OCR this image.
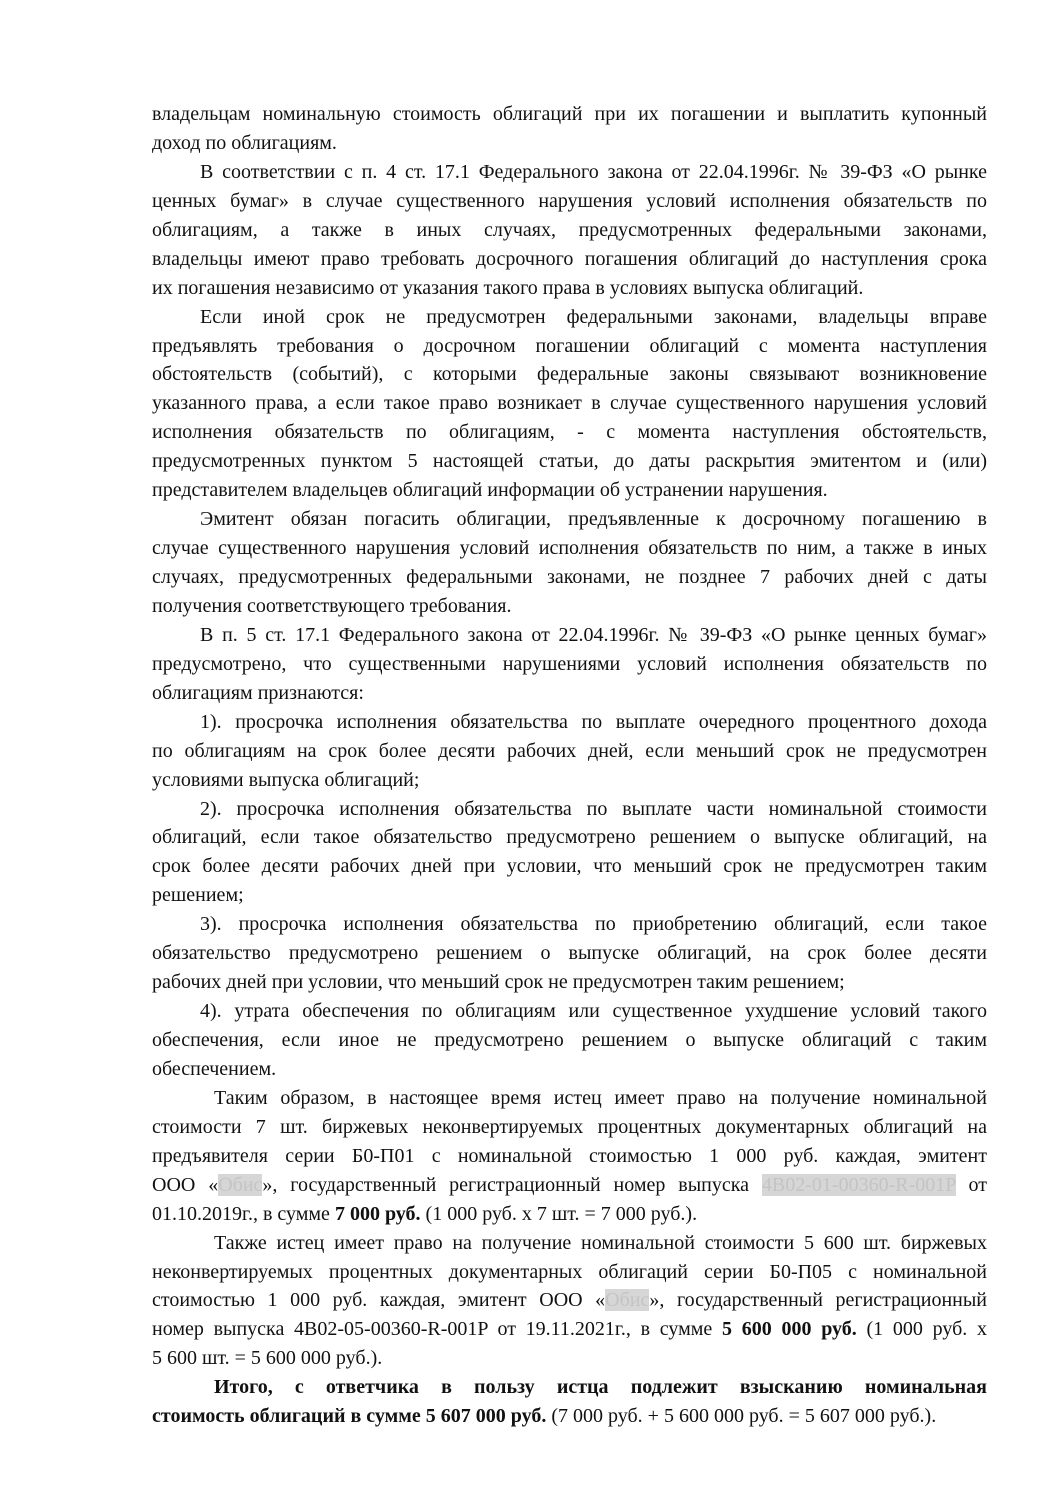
владельцам номинальную стоимость облигаций при их погашении и выплатить купонный
доход по облигациям.
В соответствии с п. 4 ст. 17.1 Федерального закона от 22.04.1996г. № 39-ФЗ «О рынке
ценных бумаг» в случае существенного нарушения условий исполнения обязательств по
облигациям, а также в иных случаях, предусмотренных федеральными законами,
владельцы имеют право требовать досрочного погашения облигаций до наступления срока
их погашения независимо от указания такого права в условиях выпуска облигаций.
Если иной срок не предусмотрен федеральными законами, владельцы вправе
предъявлять требования о досрочном погашении облигаций с момента наступления
обстоятельств (событий), с которыми федеральные законы связывают возникновение
указанного права, а если такое право возникает в случае существенного нарушения условий
исполнения обязательств по облигациям, - с момента наступления обстоятельств,
предусмотренных пунктом 5 настоящей статьи, до даты раскрытия эмитентом и (или)
представителем владельцев облигаций информации об устранении нарушения.
Эмитент обязан погасить облигации, предъявленные к досрочному погашению в
случае существенного нарушения условий исполнения обязательств по ним, а также в иных
случаях, предусмотренных федеральными законами, не позднее 7 рабочих дней с даты
получения соответствующего требования.
В п. 5 ст. 17.1 Федерального закона от 22.04.1996г. № 39-ФЗ «О рынке ценных бумаг»
предусмотрено, что существенными нарушениями условий исполнения обязательств по
облигациям признаются:
1). просрочка исполнения обязательства по выплате очередного процентного дохода
по облигациям на срок более десяти рабочих дней, если меньший срок не предусмотрен
условиями выпуска облигаций;
2). просрочка исполнения обязательства по выплате части номинальной стоимости
облигаций, если такое обязательство предусмотрено решением о выпуске облигаций, на
срок более десяти рабочих дней при условии, что меньший срок не предусмотрен таким
решением;
3). просрочка исполнения обязательства по приобретению облигаций, если такое
обязательство предусмотрено решением о выпуске облигаций, на срок более десяти
рабочих дней при условии, что меньший срок не предусмотрен таким решением;
4). утрата обеспечения по облигациям или существенное ухудшение условий такого
обеспечения, если иное не предусмотрено решением о выпуске облигаций с таким
обеспечением.
Таким образом, в настоящее время истец имеет право на получение номинальной
стоимости 7 шт. биржевых неконвертируемых процентных документарных облигаций на
предъявителя серии Б0-П01 с номинальной стоимостью 1 000 руб. каждая, эмитент
ООО «Обис», государственный регистрационный номер выпуска 4В02-01-00360-R-001P от
01.10.2019г., в сумме 7 000 руб. (1 000 руб. х 7 шт. = 7 000 руб.).
Также истец имеет право на получение номинальной стоимости 5 600 шт. биржевых
неконвертируемых процентных документарных облигаций серии Б0-П05 с номинальной
стоимостью 1 000 руб. каждая, эмитент ООО «Обис», государственный регистрационный
номер выпуска 4В02-05-00360-R-001P от 19.11.2021г., в сумме 5 600 000 руб. (1 000 руб. х
5 600 шт. = 5 600 000 руб.).
Итого, с ответчика в пользу истца подлежит взысканию номинальная
стоимость облигаций в сумме 5 607 000 руб. (7 000 руб. + 5 600 000 руб. = 5 607 000 руб.).
